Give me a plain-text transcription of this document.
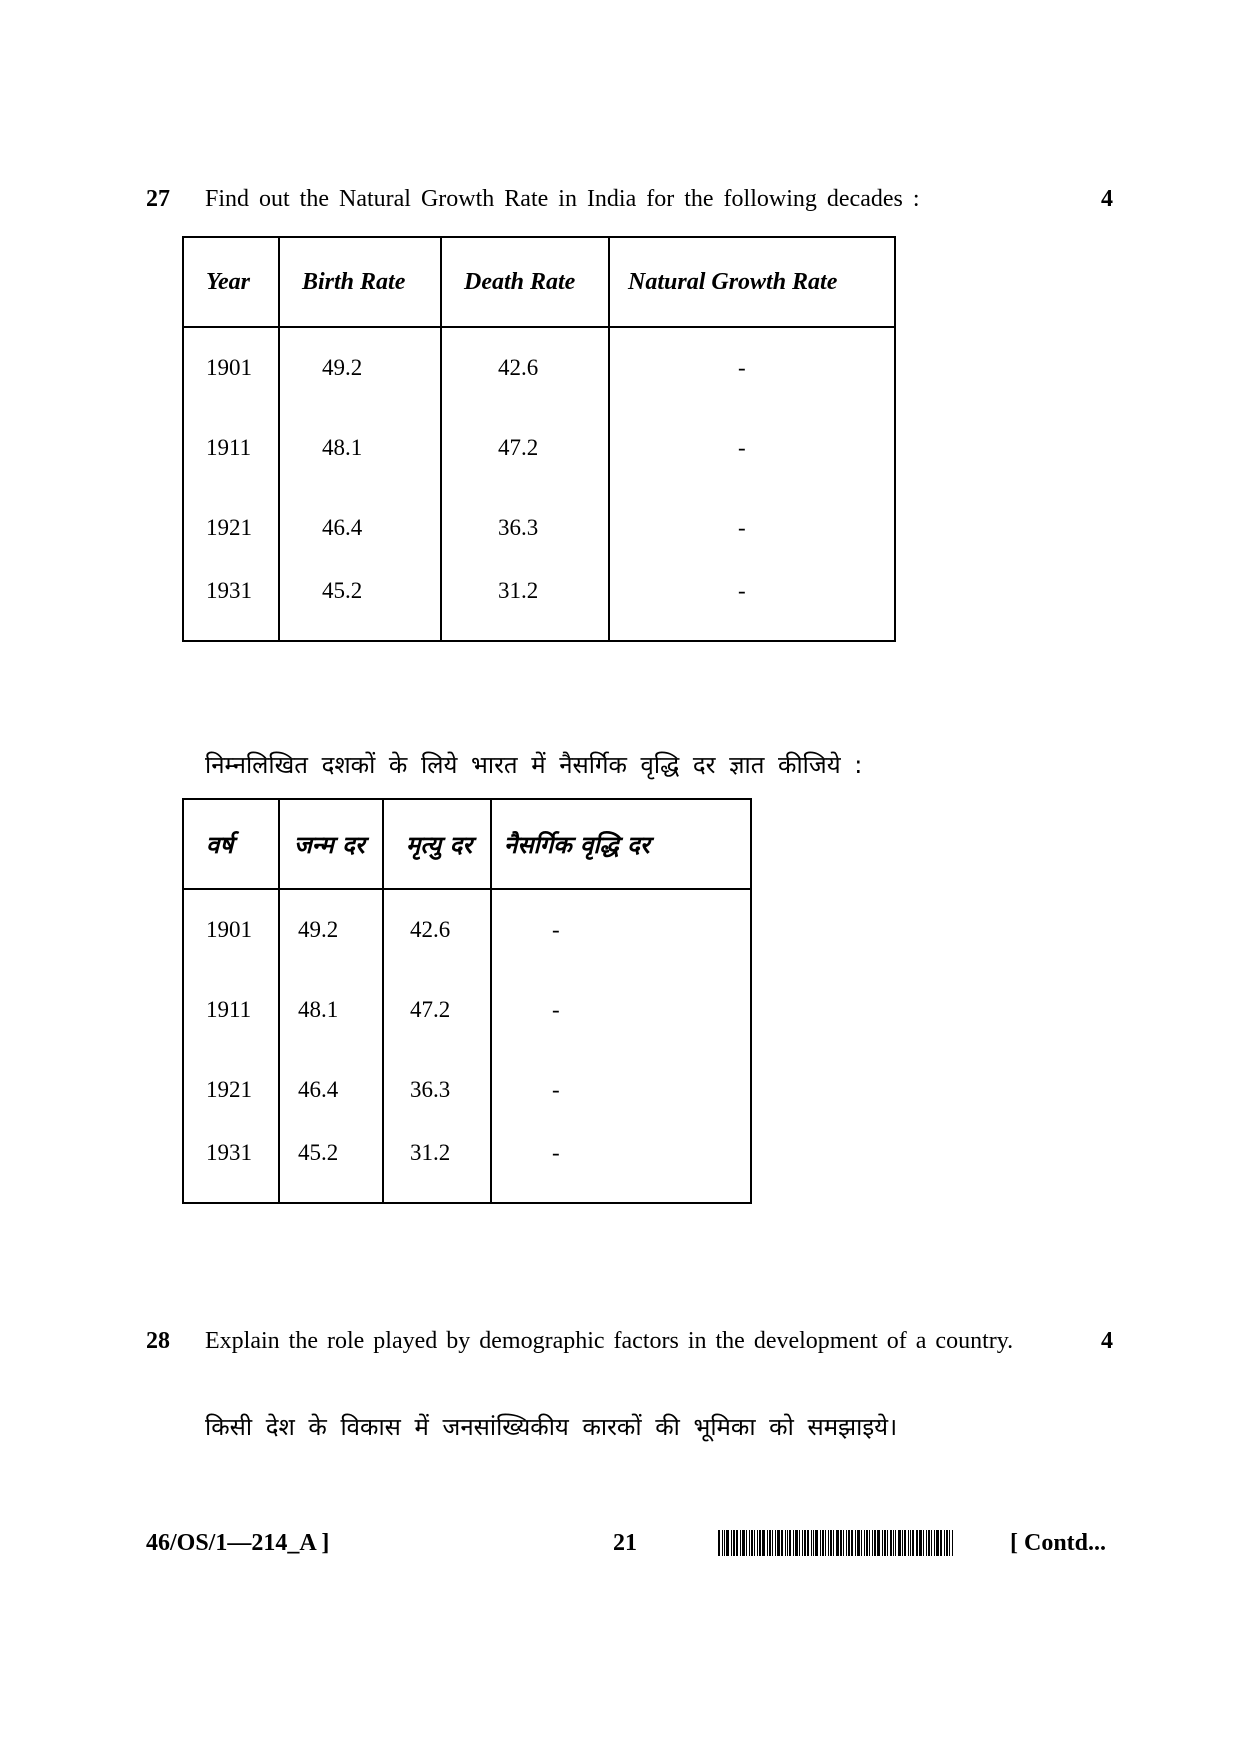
27 Find out the Natural Growth Rate in India for the following decades :	4
Year	Birth Rate	Death Rate	Natural Growth Rate
1901	49.2	42.6	-
1911	48.1	47.2	-
1921	46.4	36.3	-
1931	45.2	31.2	-

निम्नलिखित दशकों के लिये भारत में नैसर्गिक वृद्धि दर ज्ञात कीजिये :
वर्ष	जन्म दर	मृत्यु दर	नैसर्गिक वृद्धि दर
1901	49.2	42.6	-
1911	48.1	47.2	-
1921	46.4	36.3	-
1931	45.2	31.2	-

28 Explain the role played by demographic factors in the development of a country.	4
किसी देश के विकास में जनसांख्यिकीय कारकों की भूमिका को समझाइये।
46/OS/1—214_A ]	21	[ Contd...
